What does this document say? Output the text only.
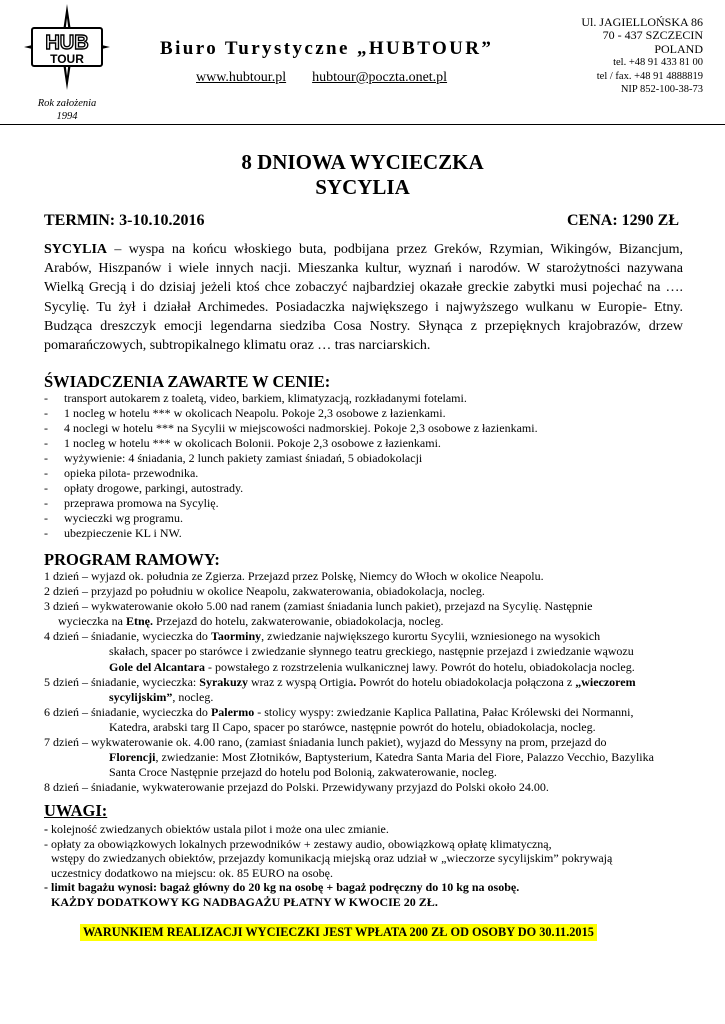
HUB
TOUR
Rok założenia
1994
Biuro Turystyczne „HUBTOUR”
www.hubtour.pl hubtour@poczta.onet.pl
Ul. JAGIELLOŃSKA 86
70 - 437 SZCZECIN
POLAND
tel. +48 91 433 81 00
tel / fax. +48 91 4888819
NIP 852-100-38-73
8 DNIOWA WYCIECZKA
SYCYLIA
TERMIN: 3-10.10.2016	CENA: 1290 ZŁ
SYCYLIA – wyspa na końcu włoskiego buta, podbijana przez Greków, Rzymian, Wikingów, Bizancjum, Arabów, Hiszpanów i wiele innych nacji. Mieszanka kultur, wyznań i narodów. W starożytności nazywana Wielką Grecją i do dzisiaj jeżeli ktoś chce zobaczyć najbardziej okazałe greckie zabytki musi pojechać na …. Sycylię. Tu żył i działał Archimedes. Posiadaczka największego i najwyższego wulkanu w Europie- Etny. Budząca dreszczyk emocji legendarna siedziba Cosa Nostry. Słynąca z przepięknych krajobrazów, drzew pomarańczowych, subtropikalnego klimatu oraz … tras narciarskich.
ŚWIADCZENIA ZAWARTE W CENIE:
-	transport autokarem z toaletą, video, barkiem, klimatyzacją, rozkładanymi fotelami.
-	1 nocleg w hotelu *** w okolicach Neapolu. Pokoje 2,3 osobowe z łazienkami.
-	4 noclegi w hotelu *** na Sycylii w miejscowości nadmorskiej. Pokoje 2,3 osobowe z łazienkami.
-	1 nocleg w hotelu *** w okolicach Bolonii. Pokoje 2,3 osobowe z łazienkami.
-	wyżywienie: 4 śniadania, 2 lunch pakiety zamiast śniadań, 5 obiadokolacji
-	opieka pilota- przewodnika.
-	opłaty drogowe, parkingi, autostrady.
-	przeprawa promowa na Sycylię.
-	wycieczki wg programu.
-	ubezpieczenie KL i NW.
PROGRAM RAMOWY:
1 dzień – wyjazd ok. południa ze Zgierza. Przejazd przez Polskę, Niemcy do Włoch w okolice Neapolu.
2 dzień – przyjazd po południu w okolice Neapolu, zakwaterowania, obiadokolacja, nocleg.
3 dzień – wykwaterowanie około 5.00 nad ranem (zamiast śniadania lunch pakiet), przejazd na Sycylię. Następnie
wycieczka na Etnę. Przejazd do hotelu, zakwaterowanie, obiadokolacja, nocleg.
4 dzień – śniadanie, wycieczka do Taorminy, zwiedzanie największego kurortu Sycylii, wzniesionego na wysokich
skałach, spacer po starówce i zwiedzanie słynnego teatru greckiego, następnie przejazd i zwiedzanie wąwozu
Gole del Alcantara - powstałego z rozstrzelenia wulkanicznej lawy. Powrót do hotelu, obiadokolacja nocleg.
5 dzień – śniadanie, wycieczka: Syrakuzy wraz z wyspą Ortigia. Powrót do hotelu obiadokolacja połączona z „wieczorem
sycylijskim”, nocleg.
6 dzień – śniadanie, wycieczka do Palermo - stolicy wyspy: zwiedzanie Kaplica Pallatina, Pałac Królewski dei Normanni,
Katedra, arabski targ Il Capo, spacer po starówce, następnie powrót do hotelu, obiadokolacja, nocleg.
7 dzień – wykwaterowanie ok. 4.00 rano, (zamiast śniadania lunch pakiet), wyjazd do Messyny na prom, przejazd do
Florencji, zwiedzanie: Most Złotników, Baptysterium, Katedra Santa Maria del Fiore, Palazzo Vecchio, Bazylika
Santa Croce Następnie przejazd do hotelu pod Bolonią, zakwaterowanie, nocleg.
8 dzień – śniadanie, wykwaterowanie przejazd do Polski. Przewidywany przyjazd do Polski około 24.00.
UWAGI:
- kolejność zwiedzanych obiektów ustala pilot i może ona ulec zmianie.
- opłaty za obowiązkowych lokalnych przewodników + zestawy audio, obowiązkową opłatę klimatyczną,
wstępy do zwiedzanych obiektów, przejazdy komunikacją miejską oraz udział w „wieczorze sycylijskim” pokrywają
uczestnicy dodatkowo na miejscu: ok. 85 EURO na osobę.
- limit bagażu wynosi: bagaż główny do 20 kg na osobę + bagaż podręczny do 10 kg na osobę.
KAŻDY DODATKOWY KG NADBAGAŻU PŁATNY W KWOCIE 20 ZŁ.
WARUNKIEM REALIZACJI WYCIECZKI JEST WPŁATA 200 ZŁ OD OSOBY DO 30.11.2015
